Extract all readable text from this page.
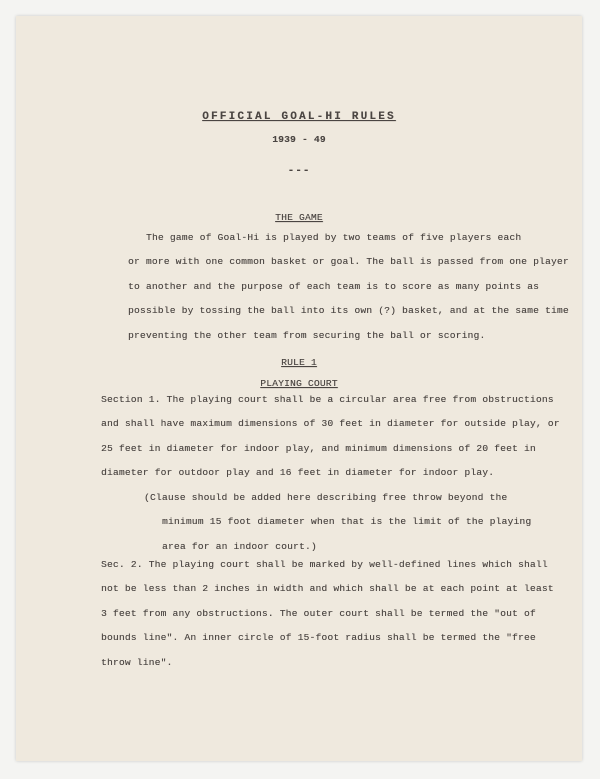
OFFICIAL GOAL-HI RULES
1939 - 49
---
THE GAME
The game of Goal-Hi is played by two teams of five players each
or more with one common basket or goal. The ball is passed from one player
to another and the purpose of each team is to score as many points as
possible by tossing the ball into its own (?) basket, and at the same time
preventing the other team from securing the ball or scoring.
RULE 1
PLAYING COURT
Section 1. The playing court shall be a circular area free from obstructions
and shall have maximum dimensions of 30 feet in diameter for outside play, or
25 feet in diameter for indoor play, and minimum dimensions of 20 feet in
diameter for outdoor play and 16 feet in diameter for indoor play.
(Clause should be added here describing free throw beyond the
minimum 15 foot diameter when that is the limit of the playing
area for an indoor court.)
Sec. 2. The playing court shall be marked by well-defined lines which shall
not be less than 2 inches in width and which shall be at each point at least
3 feet from any obstructions. The outer court shall be termed the "out of
bounds line". An inner circle of 15-foot radius shall be termed the "free
throw line".
